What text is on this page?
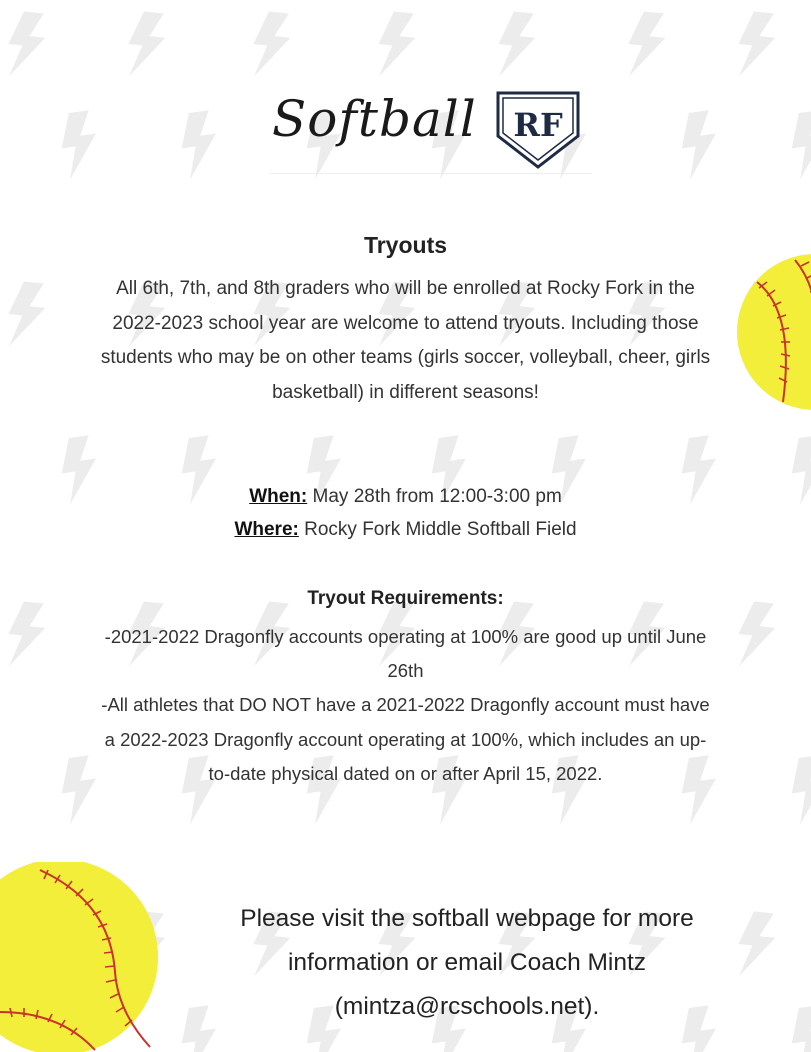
Softball RF
Tryouts

All 6th, 7th, and 8th graders who will be enrolled at Rocky Fork in the 2022-2023 school year are welcome to attend tryouts. Including those students who may be on other teams (girls soccer, volleyball, cheer, girls basketball) in different seasons!

When: May 28th from 12:00-3:00 pm
Where: Rocky Fork Middle Softball Field
Tryout Requirements:

-2021-2022 Dragonfly accounts operating at 100% are good up until June 26th

-All athletes that DO NOT have a 2021-2022 Dragonfly account must have a 2022-2023 Dragonfly account operating at 100%, which includes an up-to-date physical dated on or after April 15, 2022.

Please visit the softball webpage for more information or email Coach Mintz (mintza@rcschools.net).
